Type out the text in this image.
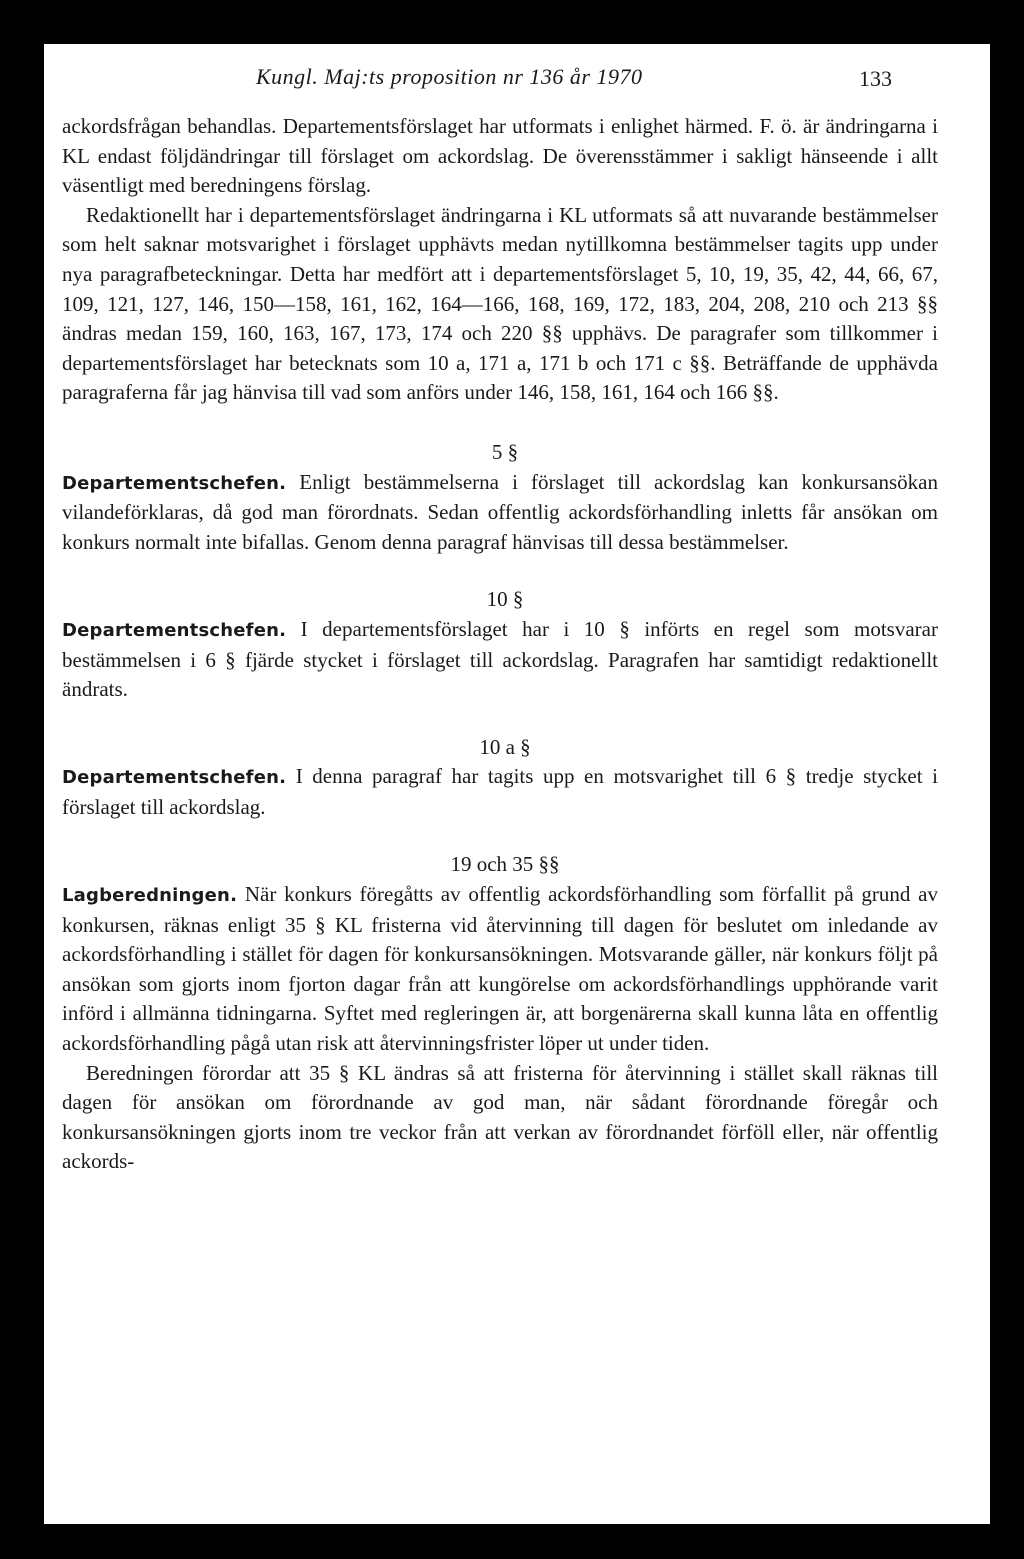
Kungl. Maj:ts proposition nr 136 år 1970	133

ackordsfrågan behandlas. Departementsförslaget har utformats i enlighet härmed. F. ö. är ändringarna i KL endast följdändringar till förslaget om ackordslag. De överensstämmer i sakligt hänseende i allt väsentligt med beredningens förslag.

Redaktionellt har i departementsförslaget ändringarna i KL utformats så att nuvarande bestämmelser som helt saknar motsvarighet i förslaget upphävts medan nytillkomna bestämmelser tagits upp under nya paragrafbeteckningar. Detta har medfört att i departementsförslaget 5, 10, 19, 35, 42, 44, 66, 67, 109, 121, 127, 146, 150—158, 161, 162, 164—166, 168, 169, 172, 183, 204, 208, 210 och 213 §§ ändras medan 159, 160, 163, 167, 173, 174 och 220 §§ upphävs. De paragrafer som tillkommer i departementsförslaget har betecknats som 10 a, 171 a, 171 b och 171 c §§. Beträffande de upphävda paragraferna får jag hänvisa till vad som anförs under 146, 158, 161, 164 och 166 §§.

5 §

Departementschefen. Enligt bestämmelserna i förslaget till ackordslag kan konkursansökan vilandeförklaras, då god man förordnats. Sedan offentlig ackordsförhandling inletts får ansökan om konkurs normalt inte bifallas. Genom denna paragraf hänvisas till dessa bestämmelser.

10 §

Departementschefen. I departementsförslaget har i 10 § införts en regel som motsvarar bestämmelsen i 6 § fjärde stycket i förslaget till ackordslag. Paragrafen har samtidigt redaktionellt ändrats.

10 a §

Departementschefen. I denna paragraf har tagits upp en motsvarighet till 6 § tredje stycket i förslaget till ackordslag.

19 och 35 §§

Lagberedningen. När konkurs föregåtts av offentlig ackordsförhandling som förfallit på grund av konkursen, räknas enligt 35 § KL fristerna vid återvinning till dagen för beslutet om inledande av ackordsförhandling i stället för dagen för konkursansökningen. Motsvarande gäller, när konkurs följt på ansökan som gjorts inom fjorton dagar från att kungörelse om ackordsförhandlings upphörande varit införd i allmänna tidningarna. Syftet med regleringen är, att borgenärerna skall kunna låta en offentlig ackordsförhandling pågå utan risk att återvinningsfrister löper ut under tiden.

Beredningen förordar att 35 § KL ändras så att fristerna för återvinning i stället skall räknas till dagen för ansökan om förordnande av god man, när sådant förordnande föregår och konkursansökningen gjorts inom tre veckor från att verkan av förordnandet förföll eller, när offentlig ackords-
